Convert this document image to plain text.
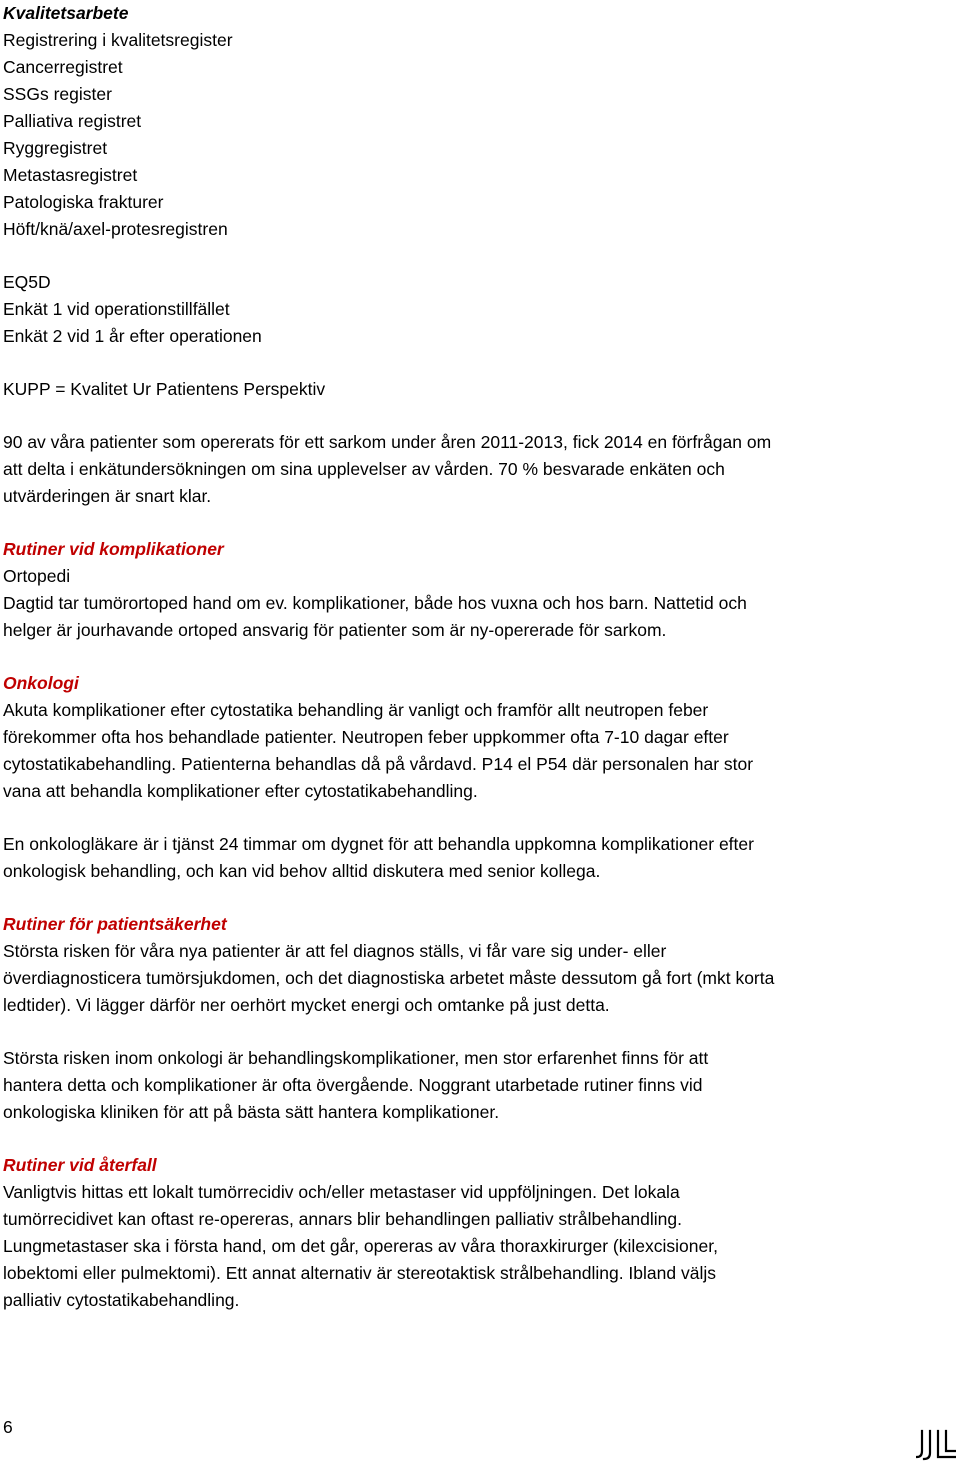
Kvalitetsarbete
Registrering i kvalitetsregister
Cancerregistret
SSGs register
Palliativa registret
Ryggregistret
Metastasregistret
Patologiska frakturer
Höft/knä/axel-protesregistren
EQ5D
Enkät 1 vid operationstillfället
Enkät 2 vid 1 år efter operationen
KUPP = Kvalitet Ur Patientens Perspektiv
90 av våra patienter som opererats för ett sarkom under åren 2011-2013, fick 2014 en förfrågan om
att delta i enkätundersökningen om sina upplevelser av vården. 70 % besvarade enkäten och
utvärderingen är snart klar.
Rutiner vid komplikationer
Ortopedi
Dagtid tar tumörortoped hand om ev. komplikationer, både hos vuxna och hos barn. Nattetid och
helger är jourhavande ortoped ansvarig för patienter som är ny-opererade för sarkom.
Onkologi
Akuta komplikationer efter cytostatika behandling är vanligt och framför allt neutropen feber
förekommer ofta hos behandlade patienter. Neutropen feber uppkommer ofta 7-10 dagar efter
cytostatikabehandling. Patienterna behandlas då på vårdavd. P14 el P54 där personalen har stor
vana att behandla komplikationer efter cytostatikabehandling.
En onkologläkare är i tjänst 24 timmar om dygnet för att behandla uppkomna komplikationer efter
onkologisk behandling, och kan vid behov alltid diskutera med senior kollega.
Rutiner för patientsäkerhet
Största risken för våra nya patienter är att fel diagnos ställs, vi får vare sig under- eller
överdiagnosticera tumörsjukdomen, och det diagnostiska arbetet måste dessutom gå fort (mkt korta
ledtider). Vi lägger därför ner oerhört mycket energi och omtanke på just detta.
Största risken inom onkologi är behandlingskomplikationer, men stor erfarenhet finns för att
hantera detta och komplikationer är ofta övergående. Noggrant utarbetade rutiner finns vid
onkologiska kliniken för att på bästa sätt hantera komplikationer.
Rutiner vid återfall
Vanligtvis hittas ett lokalt tumörrecidiv och/eller metastaser vid uppföljningen. Det lokala
tumörrecidivet kan oftast re-opereras, annars blir behandlingen palliativ strålbehandling.
Lungmetastaser ska i första hand, om det går, opereras av våra thoraxkirurger (kilexcisioner,
lobektomi eller pulmektomi). Ett annat alternativ är stereotaktisk strålbehandling. Ibland väljs
palliativ cytostatikabehandling.
6
